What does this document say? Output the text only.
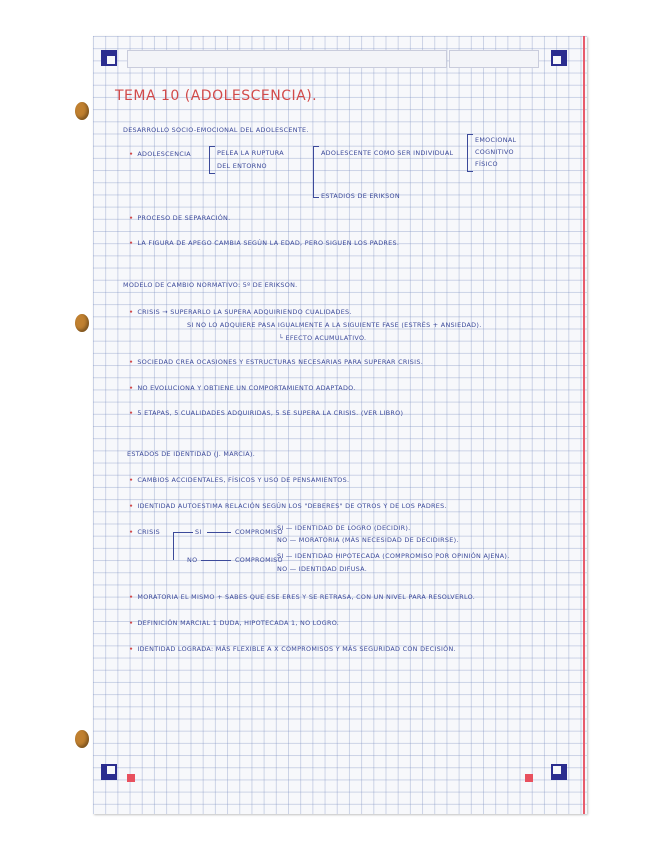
TEMA 10 (ADOLESCENCIA).
DESARROLLO SOCIO-EMOCIONAL DEL ADOLESCENTE.
• ADOLESCENCIA	PELEA LA RUPTURA
DEL ENTORNO
ADOLESCENTE COMO SER INDIVIDUAL
EMOCIONAL
COGNITIVO
FÍSICO
ESTADIOS DE ERIKSON
• PROCESO DE SEPARACIÓN.
• LA FIGURA DE APEGO CAMBIA SEGÚN LA EDAD, PERO SIGUEN LOS PADRES.
MODELO DE CAMBIO NORMATIVO: 5º DE ERIKSON.
• CRISIS → SUPERARLO LA SUPERA ADQUIRIENDO CUALIDADES.
SI NO LO ADQUIERE PASA IGUALMENTE A LA SIGUIENTE FASE (ESTRÉS + ANSIEDAD).
└ EFECTO ACUMULATIVO.
• SOCIEDAD CREA OCASIONES Y ESTRUCTURAS NECESARIAS PARA SUPERAR CRISIS.
• NO EVOLUCIONA Y OBTIENE UN COMPORTAMIENTO ADAPTADO.
• 5 ETAPAS, 5 CUALIDADES ADQUIRIDAS, 5 SE SUPERA LA CRISIS. (VER LIBRO)
ESTADOS DE IDENTIDAD (J. MARCIA).
• CAMBIOS ACCIDENTALES, FÍSICOS Y USO DE PENSAMIENTOS.
• IDENTIDAD AUTOESTIMA RELACIÓN SEGÚN LOS "DEBERES" DE OTROS Y DE LOS PADRES.
• CRISIS	SI	COMPROMISO
SI — IDENTIDAD DE LOGRO (DECIDIR).
NO — MORATORIA (MÁS NECESIDAD DE DECIDIRSE).
NO	COMPROMISO
SI — IDENTIDAD HIPOTECADA (COMPROMISO POR OPINIÓN AJENA).
NO — IDENTIDAD DIFUSA.
• MORATORIA EL MISMO + SABES QUE ESE ERES Y SE RETRASA, CON UN NIVEL PARA RESOLVERLO.
• DEFINICIÓN MARCIAL 1 DUDA, HIPOTECADA 1, NO LOGRO.
• IDENTIDAD LOGRADA: MÁS FLEXIBLE A X COMPROMISOS Y MÁS SEGURIDAD CON DECISIÓN.
